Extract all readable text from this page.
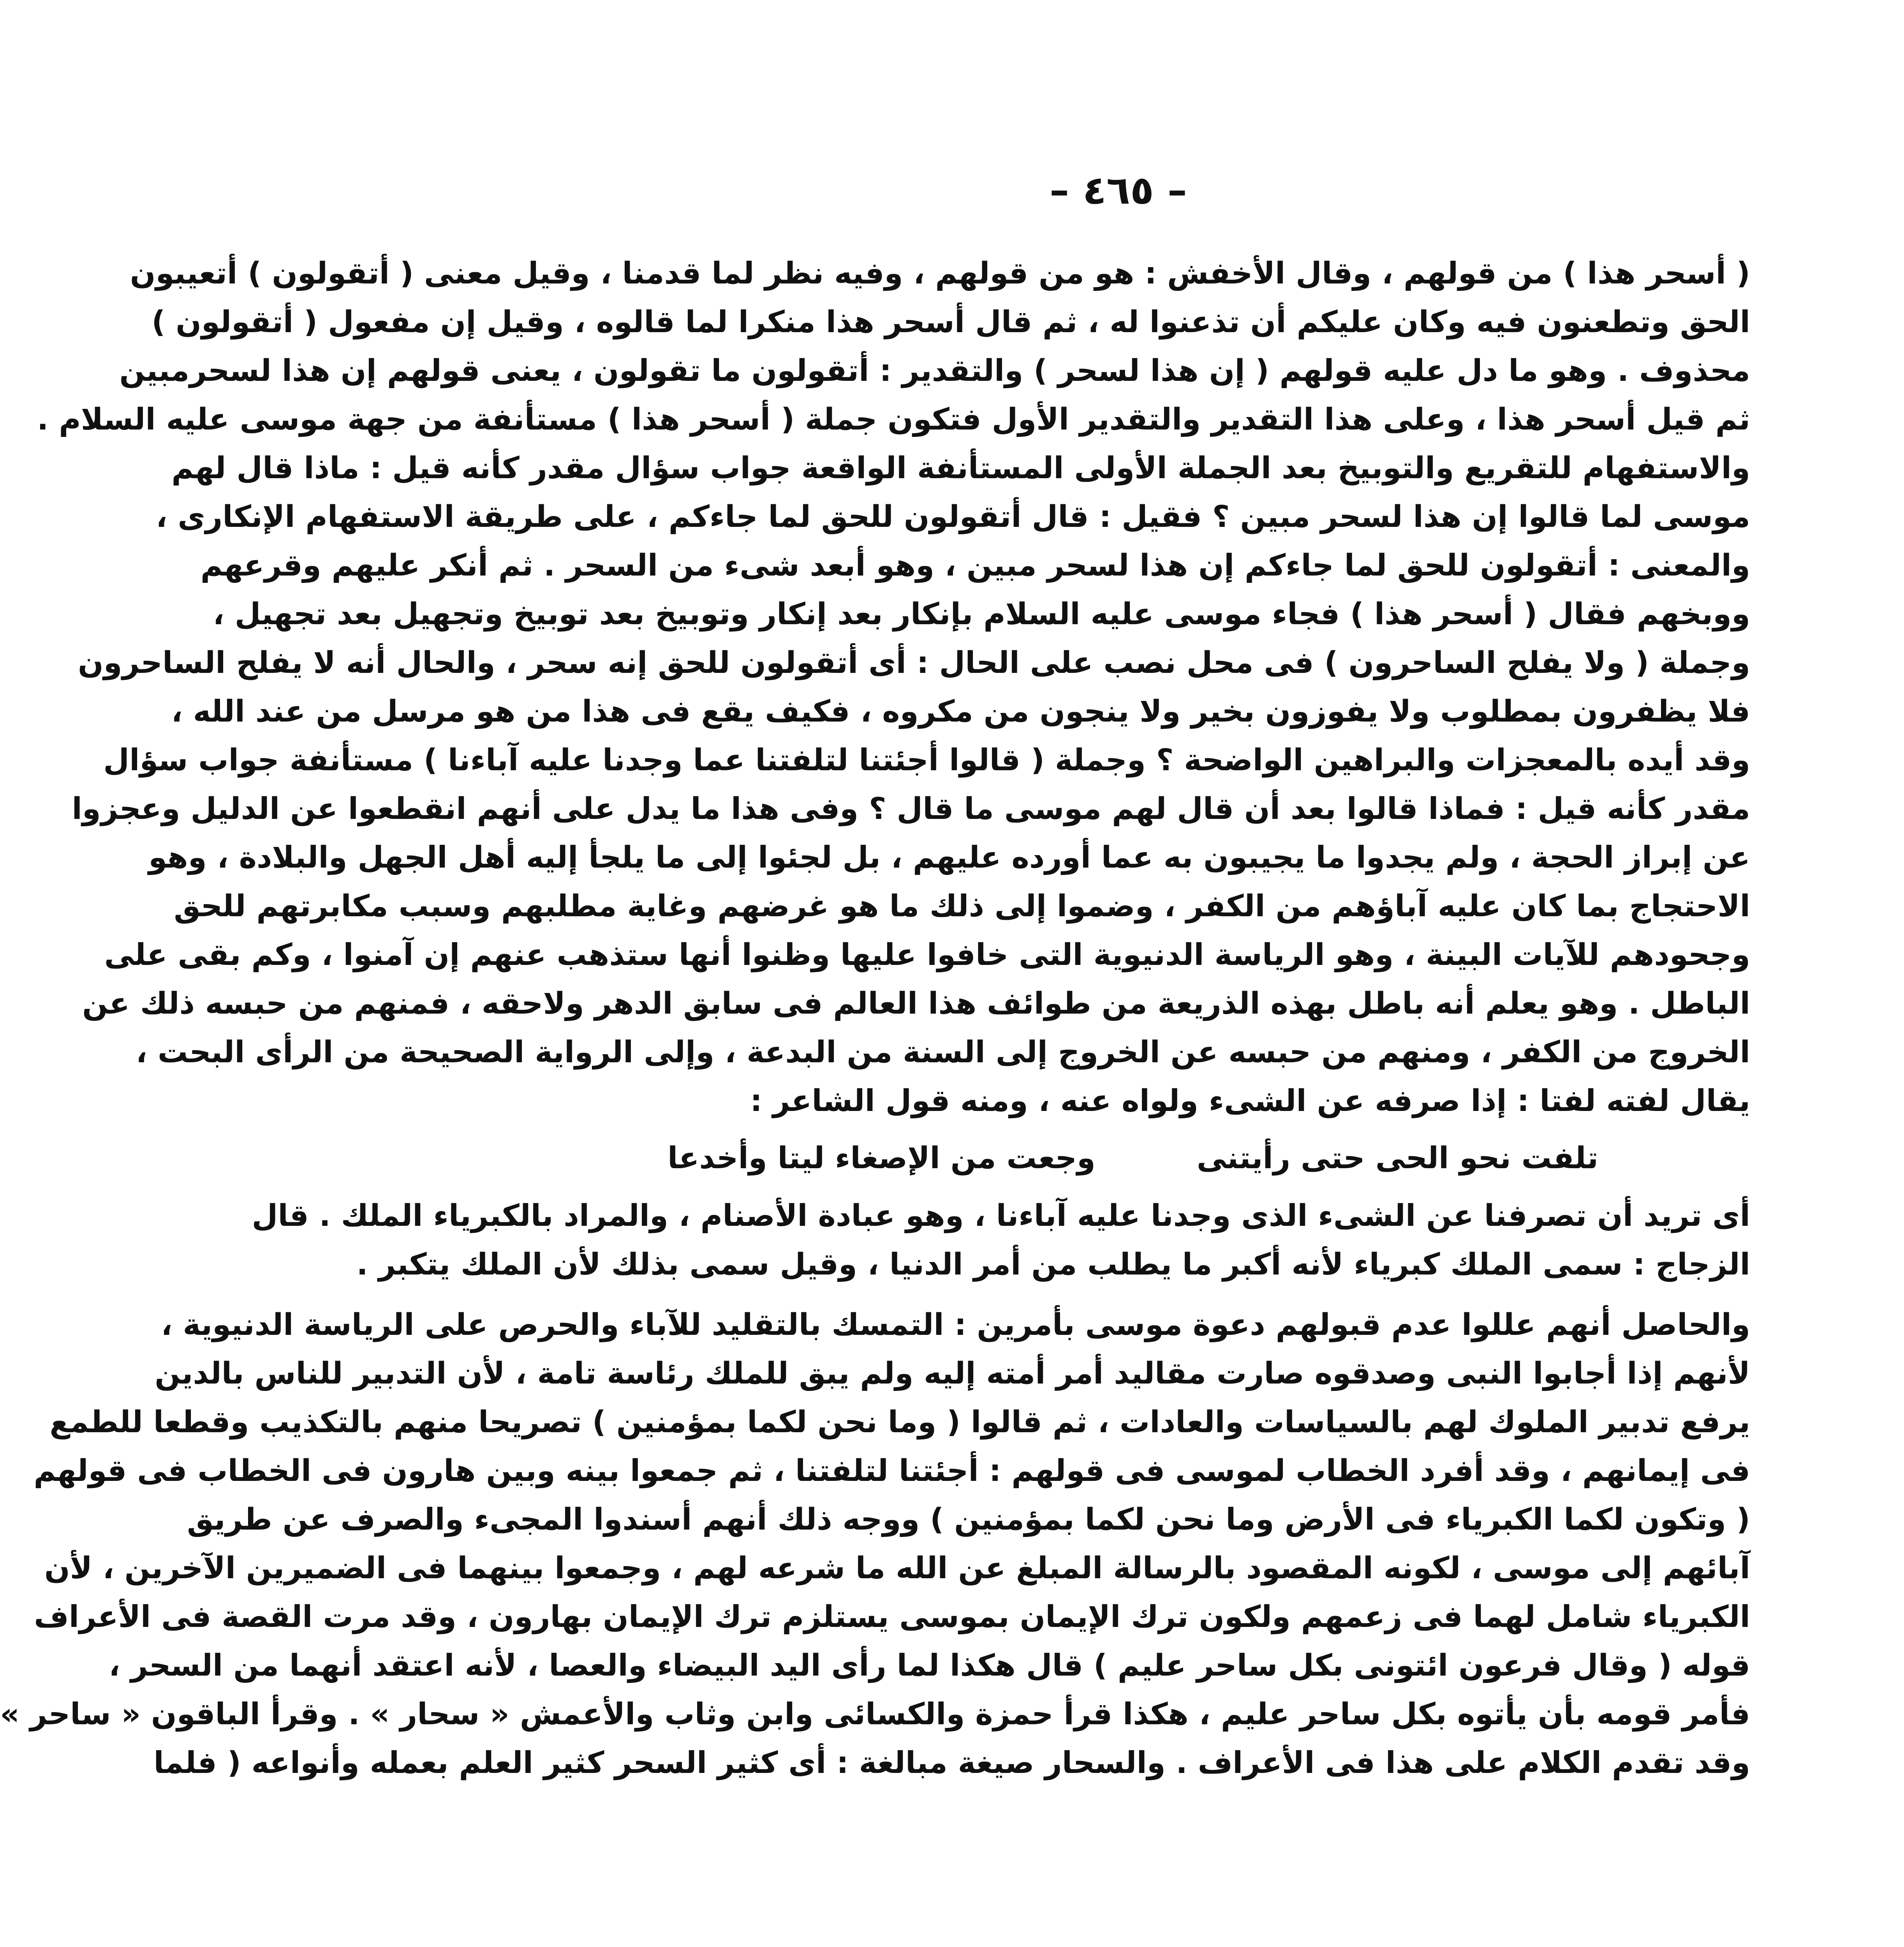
– ٤٦٥ –
( أسحر هذا ) من قولهم ، وقال الأخفش : هو من قولهم ، وفيه نظر لما قدمنا ، وقيل معنى ( أتقولون ) أتعيبون
الحق وتطعنون فيه وكان عليكم أن تذعنوا له ، ثم قال أسحر هذا منكرا لما قالوه ، وقيل إن مفعول ( أتقولون )
محذوف . وهو ما دل عليه قولهم ( إن هذا لسحر ) والتقدير : أتقولون ما تقولون ، يعنى قولهم إن هذا لسحرمبين
ثم قيل أسحر هذا ، وعلى هذا التقدير والتقدير الأول فتكون جملة ( أسحر هذا ) مستأنفة من جهة موسى عليه السلام .
والاستفهام للتقريع والتوبيخ بعد الجملة الأولى المستأنفة الواقعة جواب سؤال مقدر كأنه قيل : ماذا قال لهم
موسى لما قالوا إن هذا لسحر مبين ؟ فقيل : قال أتقولون للحق لما جاءكم ، على طريقة الاستفهام الإنكارى ،
والمعنى : أتقولون للحق لما جاءكم إن هذا لسحر مبين ، وهو أبعد شىء من السحر . ثم أنكر عليهم وقرعهم
ووبخهم فقال ( أسحر هذا ) فجاء موسى عليه السلام بإنكار بعد إنكار وتوبيخ بعد توبيخ وتجهيل بعد تجهيل ،
وجملة ( ولا يفلح الساحرون ) فى محل نصب على الحال : أى أتقولون للحق إنه سحر ، والحال أنه لا يفلح الساحرون
فلا يظفرون بمطلوب ولا يفوزون بخير ولا ينجون من مكروه ، فكيف يقع فى هذا من هو مرسل من عند الله ،
وقد أيده بالمعجزات والبراهين الواضحة ؟ وجملة ( قالوا أجئتنا لتلفتنا عما وجدنا عليه آباءنا ) مستأنفة جواب سؤال
مقدر كأنه قيل : فماذا قالوا بعد أن قال لهم موسى ما قال ؟ وفى هذا ما يدل على أنهم انقطعوا عن الدليل وعجزوا
عن إبراز الحجة ، ولم يجدوا ما يجيبون به عما أورده عليهم ، بل لجئوا إلى ما يلجأ إليه أهل الجهل والبلادة ، وهو
الاحتجاج بما كان عليه آباؤهم من الكفر ، وضموا إلى ذلك ما هو غرضهم وغاية مطلبهم وسبب مكابرتهم للحق
وجحودهم للآيات البينة ، وهو الرياسة الدنيوية التى خافوا عليها وظنوا أنها ستذهب عنهم إن آمنوا ، وكم بقى على
الباطل . وهو يعلم أنه باطل بهذه الذريعة من طوائف هذا العالم فى سابق الدهر ولاحقه ، فمنهم من حبسه ذلك عن
الخروج من الكفر ، ومنهم من حبسه عن الخروج إلى السنة من البدعة ، وإلى الرواية الصحيحة من الرأى البحت ،
يقال لفته لفتا : إذا صرفه عن الشىء ولواه عنه ، ومنه قول الشاعر :
تلفت نحو الحى حتى رأيتنى
وجعت من الإصغاء ليتا وأخدعا
أى تريد أن تصرفنا عن الشىء الذى وجدنا عليه آباءنا ، وهو عبادة الأصنام ، والمراد بالكبرياء الملك . قال
الزجاج : سمى الملك كبرياء لأنه أكبر ما يطلب من أمر الدنيا ، وقيل سمى بذلك لأن الملك يتكبر .
والحاصل أنهم عللوا عدم قبولهم دعوة موسى بأمرين : التمسك بالتقليد للآباء والحرص على الرياسة الدنيوية ،
لأنهم إذا أجابوا النبى وصدقوه صارت مقاليد أمر أمته إليه ولم يبق للملك رئاسة تامة ، لأن التدبير للناس بالدين
يرفع تدبير الملوك لهم بالسياسات والعادات ، ثم قالوا ( وما نحن لكما بمؤمنين ) تصريحا منهم بالتكذيب وقطعا للطمع
فى إيمانهم ، وقد أفرد الخطاب لموسى فى قولهم : أجئتنا لتلفتنا ، ثم جمعوا بينه وبين هارون فى الخطاب فى قولهم
( وتكون لكما الكبرياء فى الأرض وما نحن لكما بمؤمنين ) ووجه ذلك أنهم أسندوا المجىء والصرف عن طريق
آبائهم إلى موسى ، لكونه المقصود بالرسالة المبلغ عن الله ما شرعه لهم ، وجمعوا بينهما فى الضميرين الآخرين ، لأن
الكبرياء شامل لهما فى زعمهم ولكون ترك الإيمان بموسى يستلزم ترك الإيمان بهارون ، وقد مرت القصة فى الأعراف
قوله ( وقال فرعون ائتونى بكل ساحر عليم ) قال هكذا لما رأى اليد البيضاء والعصا ، لأنه اعتقد أنهما من السحر ،
فأمر قومه بأن يأتوه بكل ساحر عليم ، هكذا قرأ حمزة والكسائى وابن وثاب والأعمش « سحار » . وقرأ الباقون « ساحر »
وقد تقدم الكلام على هذا فى الأعراف . والسحار صيغة مبالغة : أى كثير السحر كثير العلم بعمله وأنواعه ( فلما
